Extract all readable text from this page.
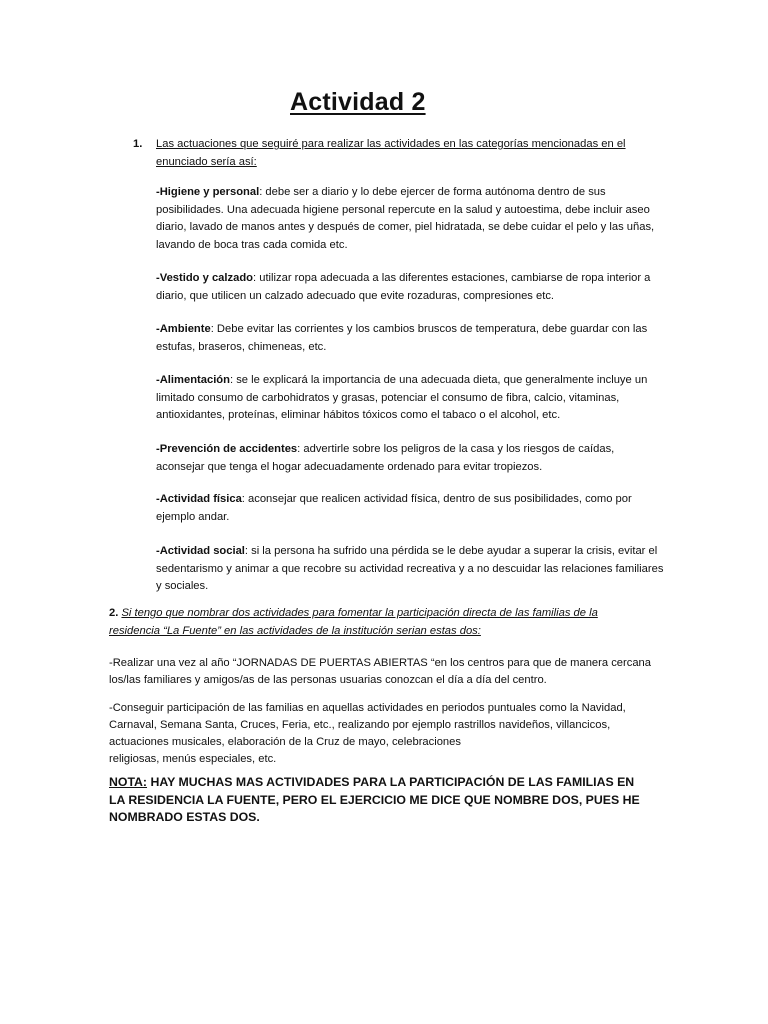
Actividad 2
1. Las actuaciones que seguiré para realizar las actividades en las categorías mencionadas en el enunciado sería así:
-Higiene y personal: debe ser a diario y lo debe ejercer de forma autónoma dentro de sus posibilidades. Una adecuada higiene personal repercute en la salud y autoestima, debe incluir aseo diario, lavado de manos antes y después de comer, piel hidratada, se debe cuidar el pelo y las uñas, lavando de boca tras cada comida etc.
-Vestido y calzado: utilizar ropa adecuada a las diferentes estaciones, cambiarse de ropa interior a diario, que utilicen un calzado adecuado que evite rozaduras, compresiones etc.
-Ambiente: Debe evitar las corrientes y los cambios bruscos de temperatura, debe guardar con las estufas, braseros, chimeneas, etc.
-Alimentación: se le explicará la importancia de una adecuada dieta, que generalmente incluye un limitado consumo de carbohidratos y grasas, potenciar el consumo de fibra, calcio, vitaminas, antioxidantes, proteínas, eliminar hábitos tóxicos como el tabaco o el alcohol, etc.
-Prevención de accidentes: advertirle sobre los peligros de la casa y los riesgos de caídas, aconsejar que tenga el hogar adecuadamente ordenado para evitar tropiezos.
-Actividad física: aconsejar que realicen actividad física, dentro de sus posibilidades, como por ejemplo andar.
-Actividad social: si la persona ha sufrido una pérdida se le debe ayudar a superar la crisis, evitar el sedentarismo y animar a que recobre su actividad recreativa y a no descuidar las relaciones familiares y sociales.
2. Si tengo que nombrar dos actividades para fomentar la participación directa de las familias de la residencia “La Fuente” en las actividades de la institución serian estas dos:
-Realizar una vez al año “JORNADAS DE PUERTAS ABIERTAS “en los centros para que de manera cercana los/las familiares y amigos/as de las personas usuarias conozcan el día a día del centro.
-Conseguir participación de las familias en aquellas actividades en periodos puntuales como la Navidad, Carnaval, Semana Santa, Cruces, Feria, etc., realizando por ejemplo rastrillos navideños, villancicos, actuaciones musicales, elaboración de la Cruz de mayo, celebraciones
religiosas, menús especiales, etc.
NOTA: HAY MUCHAS MAS ACTIVIDADES PARA LA PARTICIPACIÓN DE LAS FAMILIAS EN LA RESIDENCIA LA FUENTE, PERO EL EJERCICIO ME DICE QUE NOMBRE DOS, PUES HE NOMBRADO ESTAS DOS.
